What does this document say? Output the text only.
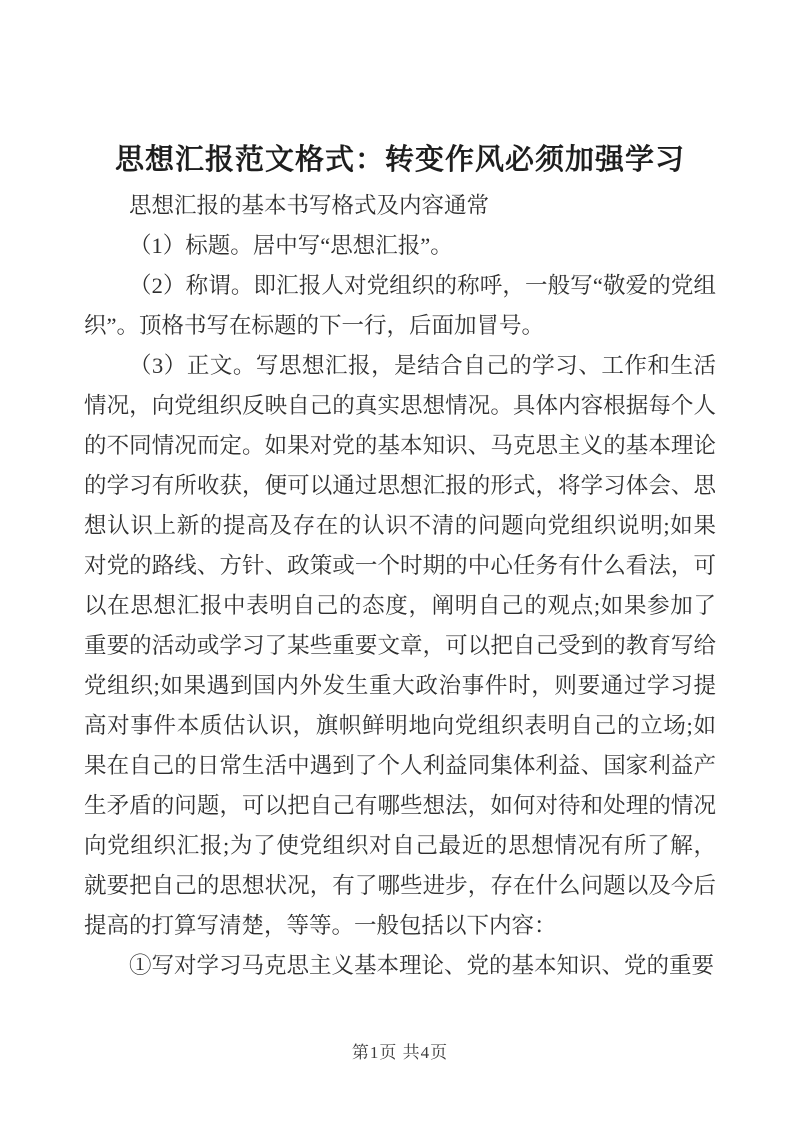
思想汇报范文格式：转变作风必须加强学习

思想汇报的基本书写格式及内容通常

（1）标题。居中写“思想汇报”。

（2）称谓。即汇报人对党组织的称呼，一般写“敬爱的党组织”。顶格书写在标题的下一行，后面加冒号。

（3）正文。写思想汇报，是结合自己的学习、工作和生活情况，向党组织反映自己的真实思想情况。具体内容根据每个人的不同情况而定。如果对党的基本知识、马克思主义的基本理论的学习有所收获，便可以通过思想汇报的形式，将学习体会、思想认识上新的提高及存在的认识不清的问题向党组织说明;如果对党的路线、方针、政策或一个时期的中心任务有什么看法，可以在思想汇报中表明自己的态度，阐明自己的观点;如果参加了重要的活动或学习了某些重要文章，可以把自己受到的教育写给党组织;如果遇到国内外发生重大政治事件时，则要通过学习提高对事件本质估认识，旗帜鲜明地向党组织表明自己的立场;如果在自己的日常生活中遇到了个人利益同集体利益、国家利益产生矛盾的问题，可以把自己有哪些想法，如何对待和处理的情况向党组织汇报;为了使党组织对自己最近的思想情况有所了解，就要把自己的思想状况，有了哪些进步，存在什么问题以及今后提高的打算写清楚，等等。一般包括以下内容：

①写对学习马克思主义基本理论、党的基本知识、党的重要

第1页 共4页
